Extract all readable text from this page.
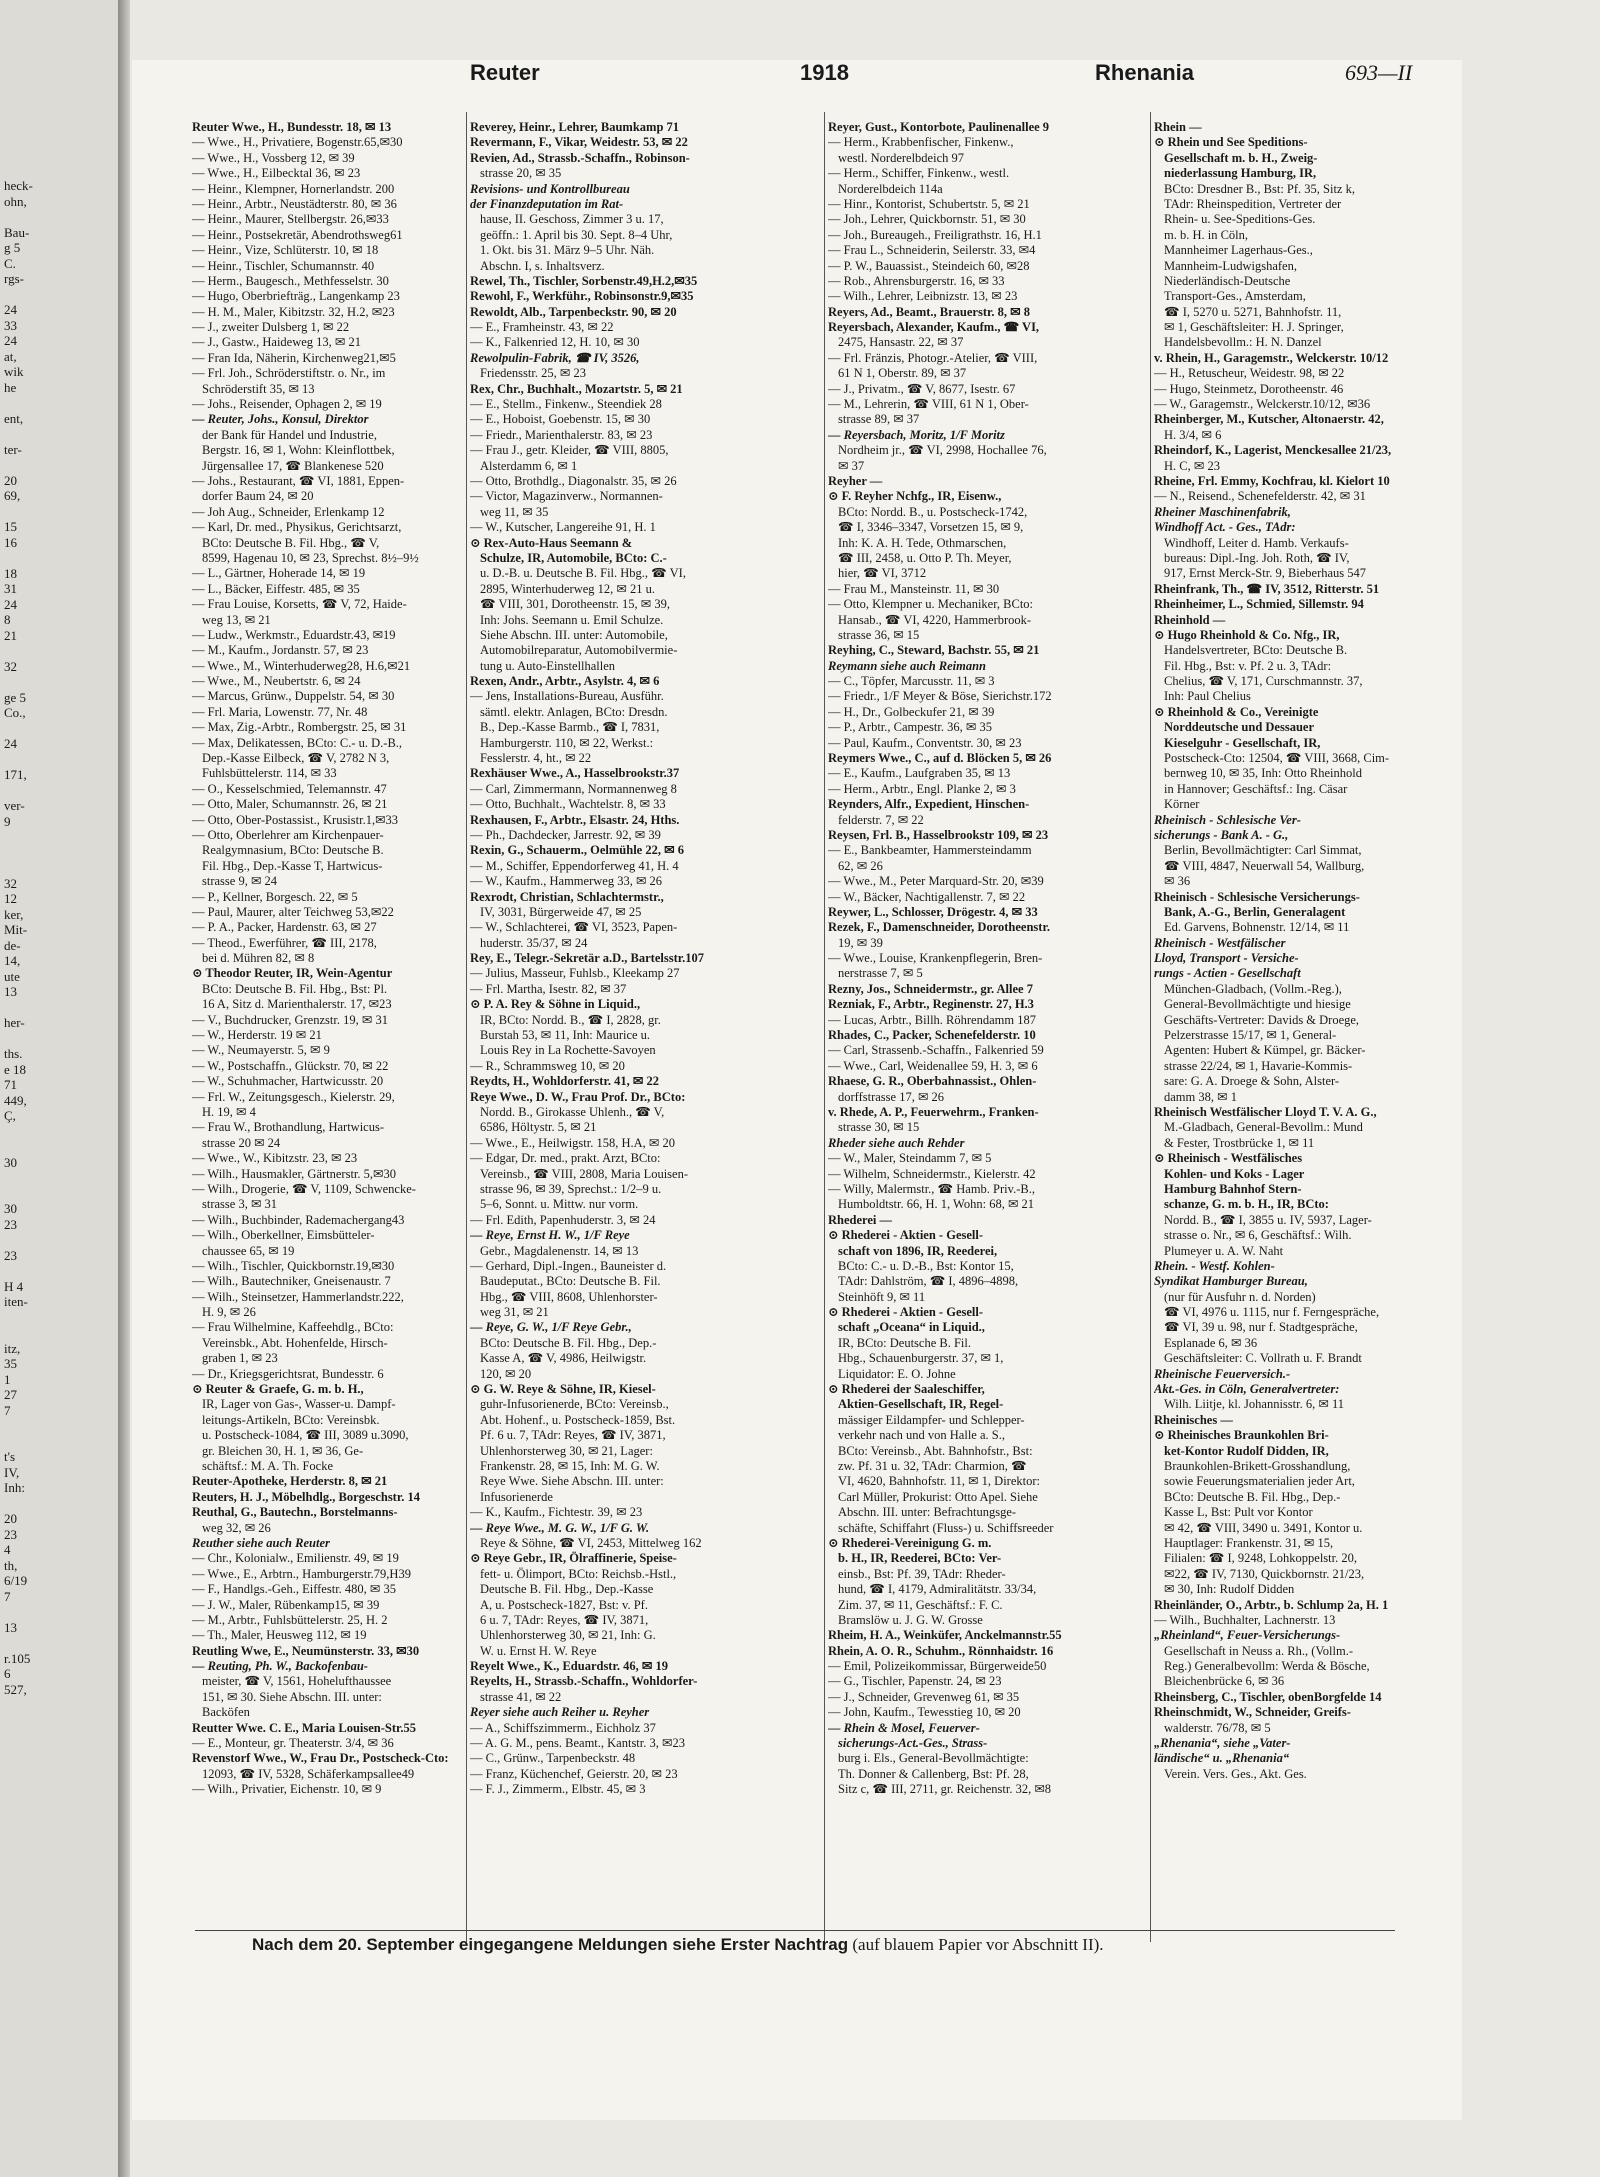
heck-
ohn,
Bau-
g 5
C.
rgs-
24
33
24
at,
wik
he
ent,
ter-
20
69,
15
16
18
31
24
8
21
32
ge 5
Co.,
24
171,
ver-
9
32
12
ker,
Mit-
de-
14,
ute
13
her-
ths.
e 18
71
449,
Ç,
30
30
23
23
H 4
iten-
itz,
35
1
27
7
t's
IV,
Inh:
20
23
4
th,
6/19
7
13
r.105
6
527,
Reuter	1918	Rhenania	693—II
Reuter Wwe., H., Bundesstr. 18, ✉ 13
— Wwe., H., Privatiere, Bogenstr.65,✉30
— Wwe., H., Vossberg 12, ✉ 39
— Wwe., H., Eilbecktal 36, ✉ 23
— Heinr., Klempner, Hornerlandstr. 200
— Heinr., Arbtr., Neustädterstr. 80, ✉ 36
— Heinr., Maurer, Stellbergstr. 26,✉33
— Heinr., Postsekretär, Abendrothsweg61
— Heinr., Vize, Schlüterstr. 10, ✉ 18
— Heinr., Tischler, Schumannstr. 40
— Herm., Baugesch., Methfesselstr. 30
— Hugo, Oberbriefträg., Langenkamp 23
— H. M., Maler, Kibitzstr. 32, H.2, ✉23
— J., zweiter Dulsberg 1, ✉ 22
— J., Gastw., Haideweg 13, ✉ 21
— Fran Ida, Näherin, Kirchenweg21,✉5
— Frl. Joh., Schröderstiftstr. o. Nr., im
Schröderstift 35, ✉ 13
— Johs., Reisender, Ophagen 2, ✉ 19
— Reuter, Johs., Konsul, Direktor
der Bank für Handel und Industrie,
Bergstr. 16, ✉ 1, Wohn: Kleinflottbek,
Jürgensallee 17, ☎ Blankenese 520
— Johs., Restaurant, ☎ VI, 1881, Eppen-
dorfer Baum 24, ✉ 20
— Joh Aug., Schneider, Erlenkamp 12
— Karl, Dr. med., Physikus, Gerichtsarzt,
BCto: Deutsche B. Fil. Hbg., ☎ V,
8599, Hagenau 10, ✉ 23, Sprechst. 8½–9½
— L., Gärtner, Hoherade 14, ✉ 19
— L., Bäcker, Eiffestr. 485, ✉ 35
— Frau Louise, Korsetts, ☎ V, 72, Haide-
weg 13, ✉ 21
— Ludw., Werkmstr., Eduardstr.43, ✉19
— M., Kaufm., Jordanstr. 57, ✉ 23
— Wwe., M., Winterhuderweg28, H.6,✉21
— Wwe., M., Neubertstr. 6, ✉ 24
— Marcus, Grünw., Duppelstr. 54, ✉ 30
— Frl. Maria, Lowenstr. 77, Nr. 48
— Max, Zig.-Arbtr., Rombergstr. 25, ✉ 31
— Max, Delikatessen, BCto: C.- u. D.-B.,
Dep.-Kasse Eilbeck, ☎ V, 2782 N 3,
Fuhlsbüttelerstr. 114, ✉ 33
— O., Kesselschmied, Telemannstr. 47
— Otto, Maler, Schumannstr. 26, ✉ 21
— Otto, Ober-Postassist., Krusistr.1,✉33
— Otto, Oberlehrer am Kirchenpauer-
Realgymnasium, BCto: Deutsche B.
Fil. Hbg., Dep.-Kasse T, Hartwicus-
strasse 9, ✉ 24
— P., Kellner, Borgesch. 22, ✉ 5
— Paul, Maurer, alter Teichweg 53,✉22
— P. A., Packer, Hardenstr. 63, ✉ 27
— Theod., Ewerführer, ☎ III, 2178,
bei d. Mühren 82, ✉ 8
⊙ Theodor Reuter, IR, Wein-Agentur
BCto: Deutsche B. Fil. Hbg., Bst: Pl.
16 A, Sitz d. Marienthalerstr. 17, ✉23
— V., Buchdrucker, Grenzstr. 19, ✉ 31
— W., Herderstr. 19 ✉ 21
— W., Neumayerstr. 5, ✉ 9
— W., Postschaffn., Glückstr. 70, ✉ 22
— W., Schuhmacher, Hartwicusstr. 20
— Frl. W., Zeitungsgesch., Kielerstr. 29,
H. 19, ✉ 4
— Frau W., Brothandlung, Hartwicus-
strasse 20 ✉ 24
— Wwe., W., Kibitzstr. 23, ✉ 23
— Wilh., Hausmakler, Gärtnerstr. 5,✉30
— Wilh., Drogerie, ☎ V, 1109, Schwencke-
strasse 3, ✉ 31
— Wilh., Buchbinder, Rademachergang43
— Wilh., Oberkellner, Eimsbütteler-
chaussee 65, ✉ 19
— Wilh., Tischler, Quickbornstr.19,✉30
— Wilh., Bautechniker, Gneisenaustr. 7
— Wilh., Steinsetzer, Hammerlandstr.222,
H. 9, ✉ 26
— Frau Wilhelmine, Kaffeehdlg., BCto:
Vereinsbk., Abt. Hohenfelde, Hirsch-
graben 1, ✉ 23
— Dr., Kriegsgerichtsrat, Bundesstr. 6
⊙ Reuter & Graefe, G. m. b. H.,
IR, Lager von Gas-, Wasser-u. Dampf-
leitungs-Artikeln, BCto: Vereinsbk.
u. Postscheck-1084, ☎ III, 3089 u.3090,
gr. Bleichen 30, H. 1, ✉ 36, Ge-
schäftsf.: M. A. Th. Focke
Reuter-Apotheke, Herderstr. 8, ✉ 21
Reuters, H. J., Möbelhdlg., Borgeschstr. 14
Reuthal, G., Bautechn., Borstelmanns-
weg 32, ✉ 26
Reuther siehe auch Reuter
— Chr., Kolonialw., Emilienstr. 49, ✉ 19
— Wwe., E., Arbtrn., Hamburgerstr.79,H39
— F., Handlgs.-Geh., Eiffestr. 480, ✉ 35
— J. W., Maler, Rübenkamp15, ✉ 39
— M., Arbtr., Fuhlsbüttelerstr. 25, H. 2
— Th., Maler, Heusweg 112, ✉ 19
Reutling Wwe, E., Neumünsterstr. 33, ✉30
— Reuting, Ph. W., Backofenbau-
meister, ☎ V, 1561, Hohelufthaussee
151, ✉ 30. Siehe Abschn. III. unter:
Backöfen
Reutter Wwe. C. E., Maria Louisen-Str.55
— E., Monteur, gr. Theaterstr. 3/4, ✉ 36
Revenstorf Wwe., W., Frau Dr., Postscheck-Cto:
12093, ☎ IV, 5328, Schäferkampsallee49
— Wilh., Privatier, Eichenstr. 10, ✉ 9
Reverey, Heinr., Lehrer, Baumkamp 71
Revermann, F., Vikar, Weidestr. 53, ✉ 22
Revien, Ad., Strassb.-Schaffn., Robinson-
strasse 20, ✉ 35
Revisions- und Kontrollbureau
der Finanzdeputation im Rat-
hause, II. Geschoss, Zimmer 3 u. 17,
geöffn.: 1. April bis 30. Sept. 8–4 Uhr,
1. Okt. bis 31. März 9–5 Uhr. Näh.
Abschn. I, s. Inhaltsverz.
Rewel, Th., Tischler, Sorbenstr.49,H.2,✉35
Rewohl, F., Werkführ., Robinsonstr.9,✉35
Rewoldt, Alb., Tarpenbeckstr. 90, ✉ 20
— E., Framheinstr. 43, ✉ 22
— K., Falkenried 12, H. 10, ✉ 30
Rewolpulin-Fabrik, ☎ IV, 3526,
Friedensstr. 25, ✉ 23
Rex, Chr., Buchhalt., Mozartstr. 5, ✉ 21
— E., Stellm., Finkenw., Steendiek 28
— E., Hoboist, Goebenstr. 15, ✉ 30
— Friedr., Marienthalerstr. 83, ✉ 23
— Frau J., getr. Kleider, ☎ VIII, 8805,
Alsterdamm 6, ✉ 1
— Otto, Brothdlg., Diagonalstr. 35, ✉ 26
— Victor, Magazinverw., Normannen-
weg 11, ✉ 35
— W., Kutscher, Langereihe 91, H. 1
⊙ Rex-Auto-Haus Seemann &
Schulze, IR, Automobile, BCto: C.-
u. D.-B. u. Deutsche B. Fil. Hbg., ☎ VI,
2895, Winterhuderweg 12, ✉ 21 u.
☎ VIII, 301, Dorotheenstr. 15, ✉ 39,
Inh: Johs. Seemann u. Emil Schulze.
Siehe Abschn. III. unter: Automobile,
Automobilreparatur, Automobilvermie-
tung u. Auto-Einstellhallen
Rexen, Andr., Arbtr., Asylstr. 4, ✉ 6
— Jens, Installations-Bureau, Ausführ.
sämtl. elektr. Anlagen, BCto: Dresdn.
B., Dep.-Kasse Barmb., ☎ I, 7831,
Hamburgerstr. 110, ✉ 22, Werkst.:
Fesslerstr. 4, ht., ✉ 22
Rexhäuser Wwe., A., Hasselbrookstr.37
— Carl, Zimmermann, Normannenweg 8
— Otto, Buchhalt., Wachtelstr. 8, ✉ 33
Rexhausen, F., Arbtr., Elsastr. 24, Hths.
— Ph., Dachdecker, Jarrestr. 92, ✉ 39
Rexin, G., Schauerm., Oelmühle 22, ✉ 6
— M., Schiffer, Eppendorferweg 41, H. 4
— W., Kaufm., Hammerweg 33, ✉ 26
Rexrodt, Christian, Schlachtermstr.,
IV, 3031, Bürgerweide 47, ✉ 25
— W., Schlachterei, ☎ VI, 3523, Papen-
huderstr. 35/37, ✉ 24
Rey, E., Telegr.-Sekretär a.D., Bartelsstr.107
— Julius, Masseur, Fuhlsb., Kleekamp 27
— Frl. Martha, Isestr. 82, ✉ 37
⊙ P. A. Rey & Söhne in Liquid.,
IR, BCto: Nordd. B., ☎ I, 2828, gr.
Burstah 53, ✉ 11, Inh: Maurice u.
Louis Rey in La Rochette-Savoyen
— R., Schrammsweg 10, ✉ 20
Reydts, H., Wohldorferstr. 41, ✉ 22
Reye Wwe., D. W., Frau Prof. Dr., BCto:
Nordd. B., Girokasse Uhlenh., ☎ V,
6586, Höltystr. 5, ✉ 21
— Wwe., E., Heilwigstr. 158, H.A, ✉ 20
— Edgar, Dr. med., prakt. Arzt, BCto:
Vereinsb., ☎ VIII, 2808, Maria Louisen-
strasse 96, ✉ 39, Sprechst.: 1/2–9 u.
5–6, Sonnt. u. Mittw. nur vorm.
— Frl. Edith, Papenhuderstr. 3, ✉ 24
— Reye, Ernst H. W., 1/F Reye
Gebr., Magdalenenstr. 14, ✉ 13
— Gerhard, Dipl.-Ingen., Bauneister d.
Baudeputat., BCto: Deutsche B. Fil.
Hbg., ☎ VIII, 8608, Uhlenhorster-
weg 31, ✉ 21
— Reye, G. W., 1/F Reye Gebr.,
BCto: Deutsche B. Fil. Hbg., Dep.-
Kasse A, ☎ V, 4986, Heilwigstr.
120, ✉ 20
⊙ G. W. Reye & Söhne, IR, Kiesel-
guhr-Infusorienerde, BCto: Vereinsb.,
Abt. Hohenf., u. Postscheck-1859, Bst.
Pf. 6 u. 7, TAdr: Reyes, ☎ IV, 3871,
Uhlenhorsterweg 30, ✉ 21, Lager:
Frankenstr. 28, ✉ 15, Inh: M. G. W.
Reye Wwe. Siehe Abschn. III. unter:
Infusorienerde
— K., Kaufm., Fichtestr. 39, ✉ 23
— Reye Wwe., M. G. W., 1/F G. W.
Reye & Söhne, ☎ VI, 2453, Mittelweg 162
⊙ Reye Gebr., IR, Ölraffinerie, Speise-
fett- u. Ölimport, BCto: Reichsb.-Hstl.,
Deutsche B. Fil. Hbg., Dep.-Kasse
A, u. Postscheck-1827, Bst: v. Pf.
6 u. 7, TAdr: Reyes, ☎ IV, 3871,
Uhlenhorsterweg 30, ✉ 21, Inh: G.
W. u. Ernst H. W. Reye
Reyelt Wwe., K., Eduardstr. 46, ✉ 19
Reyelts, H., Strassb.-Schaffn., Wohldorfer-
strasse 41, ✉ 22
Reyer siehe auch Reiher u. Reyher
— A., Schiffszimmerm., Eichholz 37
— A. G. M., pens. Beamt., Kantstr. 3, ✉23
— C., Grünw., Tarpenbeckstr. 48
— Franz, Küchenchef, Geierstr. 20, ✉ 23
— F. J., Zimmerm., Elbstr. 45, ✉ 3
Reyer, Gust., Kontorbote, Paulinenallee 9
— Herm., Krabbenfischer, Finkenw.,
westl. Norderelbdeich 97
— Herm., Schiffer, Finkenw., westl.
Norderelbdeich 114a
— Hinr., Kontorist, Schubertstr. 5, ✉ 21
— Joh., Lehrer, Quickbornstr. 51, ✉ 30
— Joh., Bureaugeh., Freiligrathstr. 16, H.1
— Frau L., Schneiderin, Seilerstr. 33, ✉4
— P. W., Bauassist., Steindeich 60, ✉28
— Rob., Ahrensburgerstr. 16, ✉ 33
— Wilh., Lehrer, Leibnizstr. 13, ✉ 23
Reyers, Ad., Beamt., Brauerstr. 8, ✉ 8
Reyersbach, Alexander, Kaufm., ☎ VI,
2475, Hansastr. 22, ✉ 37
— Frl. Fränzis, Photogr.-Atelier, ☎ VIII,
61 N 1, Oberstr. 89, ✉ 37
— J., Privatm., ☎ V, 8677, Isestr. 67
— M., Lehrerin, ☎ VIII, 61 N 1, Ober-
strasse 89, ✉ 37
— Reyersbach, Moritz, 1/F Moritz
Nordheim jr., ☎ VI, 2998, Hochallee 76,
✉ 37
Reyher —
⊙ F. Reyher Nchfg., IR, Eisenw.,
BCto: Nordd. B., u. Postscheck-1742,
☎ I, 3346–3347, Vorsetzen 15, ✉ 9,
Inh: K. A. H. Tede, Othmarschen,
☎ III, 2458, u. Otto P. Th. Meyer,
hier, ☎ VI, 3712
— Frau M., Mansteinstr. 11, ✉ 30
— Otto, Klempner u. Mechaniker, BCto:
Hansab., ☎ VI, 4220, Hammerbrook-
strasse 36, ✉ 15
Reyhing, C., Steward, Bachstr. 55, ✉ 21
Reymann siehe auch Reimann
— C., Töpfer, Marcusstr. 11, ✉ 3
— Friedr., 1/F Meyer & Böse, Sierichstr.172
— H., Dr., Golbeckufer 21, ✉ 39
— P., Arbtr., Campestr. 36, ✉ 35
— Paul, Kaufm., Conventstr. 30, ✉ 23
Reymers Wwe., C., auf d. Blöcken 5, ✉ 26
— E., Kaufm., Laufgraben 35, ✉ 13
— Herm., Arbtr., Engl. Planke 2, ✉ 3
Reynders, Alfr., Expedient, Hinschen-
felderstr. 7, ✉ 22
Reysen, Frl. B., Hasselbrookstr 109, ✉ 23
— E., Bankbeamter, Hammersteindamm
62, ✉ 26
— Wwe., M., Peter Marquard-Str. 20, ✉39
— W., Bäcker, Nachtigallenstr. 7, ✉ 22
Reywer, L., Schlosser, Drögestr. 4, ✉ 33
Rezek, F., Damenschneider, Dorotheenstr.
19, ✉ 39
— Wwe., Louise, Krankenpflegerin, Bren-
nerstrasse 7, ✉ 5
Rezny, Jos., Schneidermstr., gr. Allee 7
Rezniak, F., Arbtr., Reginenstr. 27, H.3
— Lucas, Arbtr., Billh. Röhrendamm 187
Rhades, C., Packer, Schenefelderstr. 10
— Carl, Strassenb.-Schaffn., Falkenried 59
— Wwe., Carl, Weidenallee 59, H. 3, ✉ 6
Rhaese, G. R., Oberbahnassist., Ohlen-
dorffstrasse 17, ✉ 26
v. Rhede, A. P., Feuerwehrm., Franken-
strasse 30, ✉ 15
Rheder siehe auch Rehder
— W., Maler, Steindamm 7, ✉ 5
— Wilhelm, Schneidermstr., Kielerstr. 42
— Willy, Malermstr., ☎ Hamb. Priv.-B.,
Humboldtstr. 66, H. 1, Wohn: 68, ✉ 21
Rhederei —
⊙ Rhederei - Aktien - Gesell-
schaft von 1896, IR, Reederei,
BCto: C.- u. D.-B., Bst: Kontor 15,
TAdr: Dahlström, ☎ I, 4896–4898,
Steinhöft 9, ✉ 11
⊙ Rhederei - Aktien - Gesell-
schaft „Oceana“ in Liquid.,
IR, BCto: Deutsche B. Fil.
Hbg., Schauenburgerstr. 37, ✉ 1,
Liquidator: E. O. Johne
⊙ Rhederei der Saaleschiffer,
Aktien-Gesellschaft, IR, Regel-
mässiger Eildampfer- und Schlepper-
verkehr nach und von Halle a. S.,
BCto: Vereinsb., Abt. Bahnhofstr., Bst:
zw. Pf. 31 u. 32, TAdr: Charmion, ☎
VI, 4620, Bahnhofstr. 11, ✉ 1, Direktor:
Carl Müller, Prokurist: Otto Apel. Siehe
Abschn. III. unter: Befrachtungsge-
schäfte, Schiffahrt (Fluss-) u. Schiffsreeder
⊙ Rhederei-Vereinigung G. m.
b. H., IR, Reederei, BCto: Ver-
einsb., Bst: Pf. 39, TAdr: Rheder-
hund, ☎ I, 4179, Admiralitätstr. 33/34,
Zim. 37, ✉ 11, Geschäftsf.: F. C.
Bramslöw u. J. G. W. Grosse
Rheim, H. A., Weinküfer, Anckelmannstr.55
Rhein, A. O. R., Schuhm., Rönnhaidstr. 16
— Emil, Polizeikommissar, Bürgerweide50
— G., Tischler, Papenstr. 24, ✉ 23
— J., Schneider, Grevenweg 61, ✉ 35
— John, Kaufm., Tewesstieg 10, ✉ 20
— Rhein & Mosel, Feuerver-
sicherungs-Act.-Ges., Strass-
burg i. Els., General-Bevollmächtigte:
Th. Donner & Callenberg, Bst: Pf. 28,
Sitz c, ☎ III, 2711, gr. Reichenstr. 32, ✉8
Rhein —
⊙ Rhein und See Speditions-
Gesellschaft m. b. H., Zweig-
niederlassung Hamburg, IR,
BCto: Dresdner B., Bst: Pf. 35, Sitz k,
TAdr: Rheinspedition, Vertreter der
Rhein- u. See-Speditions-Ges.
m. b. H. in Cöln,
Mannheimer Lagerhaus-Ges.,
Mannheim-Ludwigshafen,
Niederländisch-Deutsche
Transport-Ges., Amsterdam,
☎ I, 5270 u. 5271, Bahnhofstr. 11,
✉ 1, Geschäftsleiter: H. J. Springer,
Handelsbevollm.: H. N. Danzel
v. Rhein, H., Garagemstr., Welckerstr. 10/12
— H., Retuscheur, Weidestr. 98, ✉ 22
— Hugo, Steinmetz, Dorotheenstr. 46
— W., Garagemstr., Welckerstr.10/12, ✉36
Rheinberger, M., Kutscher, Altonaerstr. 42,
H. 3/4, ✉ 6
Rheindorf, K., Lagerist, Menckesallee 21/23,
H. C, ✉ 23
Rheine, Frl. Emmy, Kochfrau, kl. Kielort 10
— N., Reisend., Schenefelderstr. 42, ✉ 31
Rheiner Maschinenfabrik,
Windhoff Act. - Ges., TAdr:
Windhoff, Leiter d. Hamb. Verkaufs-
bureaus: Dipl.-Ing. Joh. Roth, ☎ IV,
917, Ernst Merck-Str. 9, Bieberhaus 547
Rheinfrank, Th., ☎ IV, 3512, Ritterstr. 51
Rheinheimer, L., Schmied, Sillemstr. 94
Rheinhold —
⊙ Hugo Rheinhold & Co. Nfg., IR,
Handelsvertreter, BCto: Deutsche B.
Fil. Hbg., Bst: v. Pf. 2 u. 3, TAdr:
Chelius, ☎ V, 171, Curschmannstr. 37,
Inh: Paul Chelius
⊙ Rheinhold & Co., Vereinigte
Norddeutsche und Dessauer
Kieselguhr - Gesellschaft, IR,
Postscheck-Cto: 12504, ☎ VIII, 3668, Cim-
bernweg 10, ✉ 35, Inh: Otto Rheinhold
in Hannover; Geschäftsf.: Ing. Cäsar
Körner
Rheinisch - Schlesische Ver-
sicherungs - Bank A. - G.,
Berlin, Bevollmächtigter: Carl Simmat,
☎ VIII, 4847, Neuerwall 54, Wallburg,
✉ 36
Rheinisch - Schlesische Versicherungs-
Bank, A.-G., Berlin, Generalagent
Ed. Garvens, Bohnenstr. 12/14, ✉ 11
Rheinisch - Westfälischer
Lloyd, Transport - Versiche-
rungs - Actien - Gesellschaft
München-Gladbach, (Vollm.-Reg.),
General-Bevollmächtigte und hiesige
Geschäfts-Vertreter: Davids & Droege,
Pelzerstrasse 15/17, ✉ 1, General-
Agenten: Hubert & Kümpel, gr. Bäcker-
strasse 22/24, ✉ 1, Havarie-Kommis-
sare: G. A. Droege & Sohn, Alster-
damm 38, ✉ 1
Rheinisch Westfälischer Lloyd T. V. A. G.,
M.-Gladbach, General-Bevollm.: Mund
& Fester, Trostbrücke 1, ✉ 11
⊙ Rheinisch - Westfälisches
Kohlen- und Koks - Lager
Hamburg Bahnhof Stern-
schanze, G. m. b. H., IR, BCto:
Nordd. B., ☎ I, 3855 u. IV, 5937, Lager-
strasse o. Nr., ✉ 6, Geschäftsf.: Wilh.
Plumeyer u. A. W. Naht
Rhein. - Westf. Kohlen-
Syndikat Hamburger Bureau,
(nur für Ausfuhr n. d. Norden)
☎ VI, 4976 u. 1115, nur f. Ferngespräche,
☎ VI, 39 u. 98, nur f. Stadtgespräche,
Esplanade 6, ✉ 36
Geschäftsleiter: C. Vollrath u. F. Brandt
Rheinische Feuerversich.-
Akt.-Ges. in Cöln, Generalvertreter:
Wilh. Liitje, kl. Johannisstr. 6, ✉ 11
Rheinisches —
⊙ Rheinisches Braunkohlen Bri-
ket-Kontor Rudolf Didden, IR,
Braunkohlen-Brikett-Grosshandlung,
sowie Feuerungsmaterialien jeder Art,
BCto: Deutsche B. Fil. Hbg., Dep.-
Kasse L, Bst: Pult vor Kontor
✉ 42, ☎ VIII, 3490 u. 3491, Kontor u.
Hauptlager: Frankenstr. 31, ✉ 15,
Filialen: ☎ I, 9248, Lohkoppelstr. 20,
✉22, ☎ IV, 7130, Quickbornstr. 21/23,
✉ 30, Inh: Rudolf Didden
Rheinländer, O., Arbtr., b. Schlump 2a, H. 1
— Wilh., Buchhalter, Lachnerstr. 13
„Rheinland“, Feuer-Versicherungs-
Gesellschaft in Neuss a. Rh., (Vollm.-
Reg.) Generalbevollm: Werda & Bösche,
Bleichenbrücke 6, ✉ 36
Rheinsberg, C., Tischler, obenBorgfelde 14
Rheinschmidt, W., Schneider, Greifs-
walderstr. 76/78, ✉ 5
„Rhenania“, siehe „Vater-
ländische“ u. „Rhenania“
Verein. Vers. Ges., Akt. Ges.
Nach dem 20. September eingegangene Meldungen siehe Erster Nachtrag (auf blauem Papier vor Abschnitt II).
